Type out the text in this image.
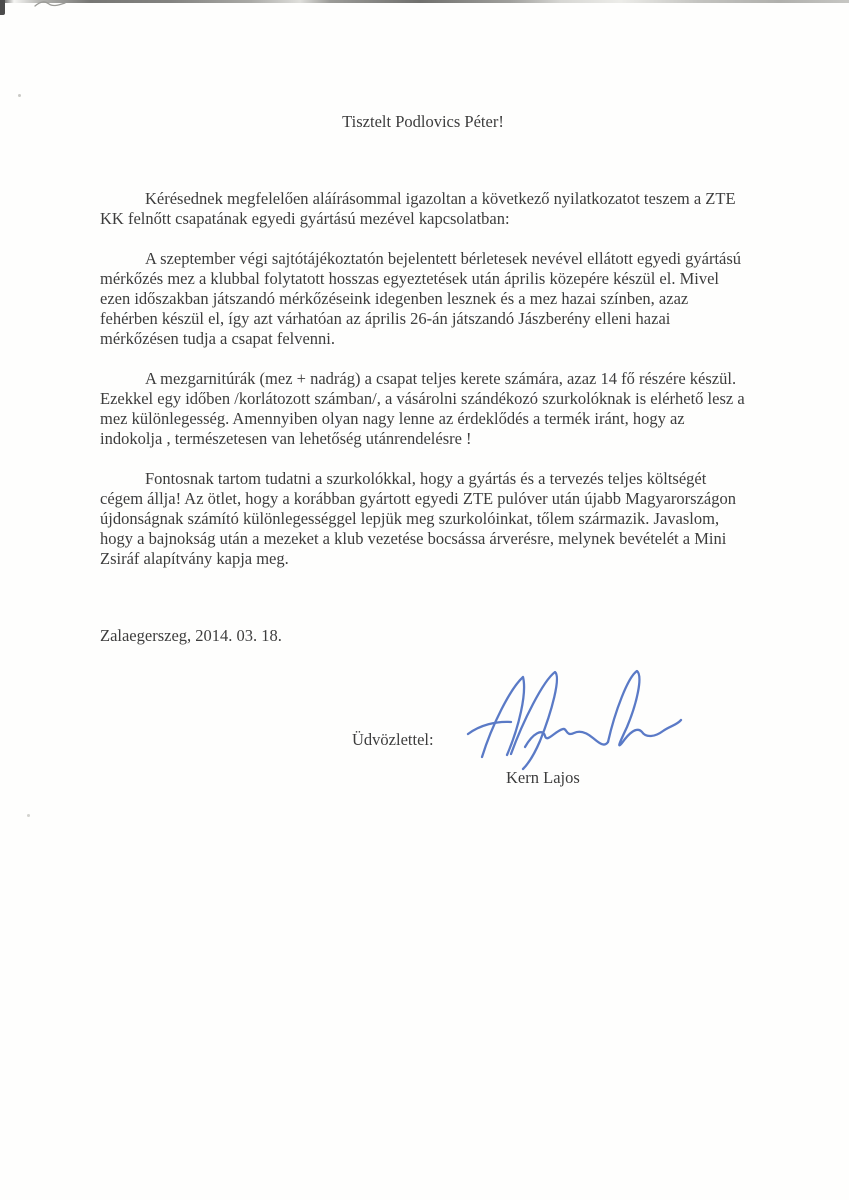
Tisztelt Podlovics Péter!

Kérésednek megfelelően aláírásommal igazoltan a következő nyilatkozatot teszem a ZTE KK felnőtt csapatának egyedi gyártású mezével kapcsolatban:

A szeptember végi sajtótájékoztatón bejelentett bérletesek nevével ellátott egyedi gyártású mérkőzés mez a klubbal folytatott hosszas egyeztetések után április közepére készül el. Mivel ezen időszakban játszandó mérkőzéseink idegenben lesznek és a mez hazai színben, azaz fehérben készül el, így azt várhatóan az április 26-án játszandó Jászberény elleni hazai mérkőzésen tudja a csapat felvenni.

A mezgarnitúrák (mez + nadrág) a csapat teljes kerete számára, azaz 14 fő részére készül. Ezekkel egy időben /korlátozott számban/, a vásárolni szándékozó szurkolóknak is elérhető lesz a mez különlegesség. Amennyiben olyan nagy lenne az érdeklődés a termék iránt, hogy az indokolja , természetesen van lehetőség utánrendelésre !

Fontosnak tartom tudatni a szurkolókkal, hogy a gyártás és a tervezés teljes költségét cégem állja! Az ötlet, hogy a korábban gyártott egyedi ZTE pulóver után újabb Magyarországon újdonságnak számító különlegességgel lepjük meg szurkolóinkat, tőlem származik. Javaslom, hogy a bajnokság után a mezeket a klub vezetése bocsássa árverésre, melynek bevételét a Mini Zsiráf alapítvány kapja meg.

Zalaegerszeg, 2014. 03. 18.
Üdvözlettel:
Kern Lajos
